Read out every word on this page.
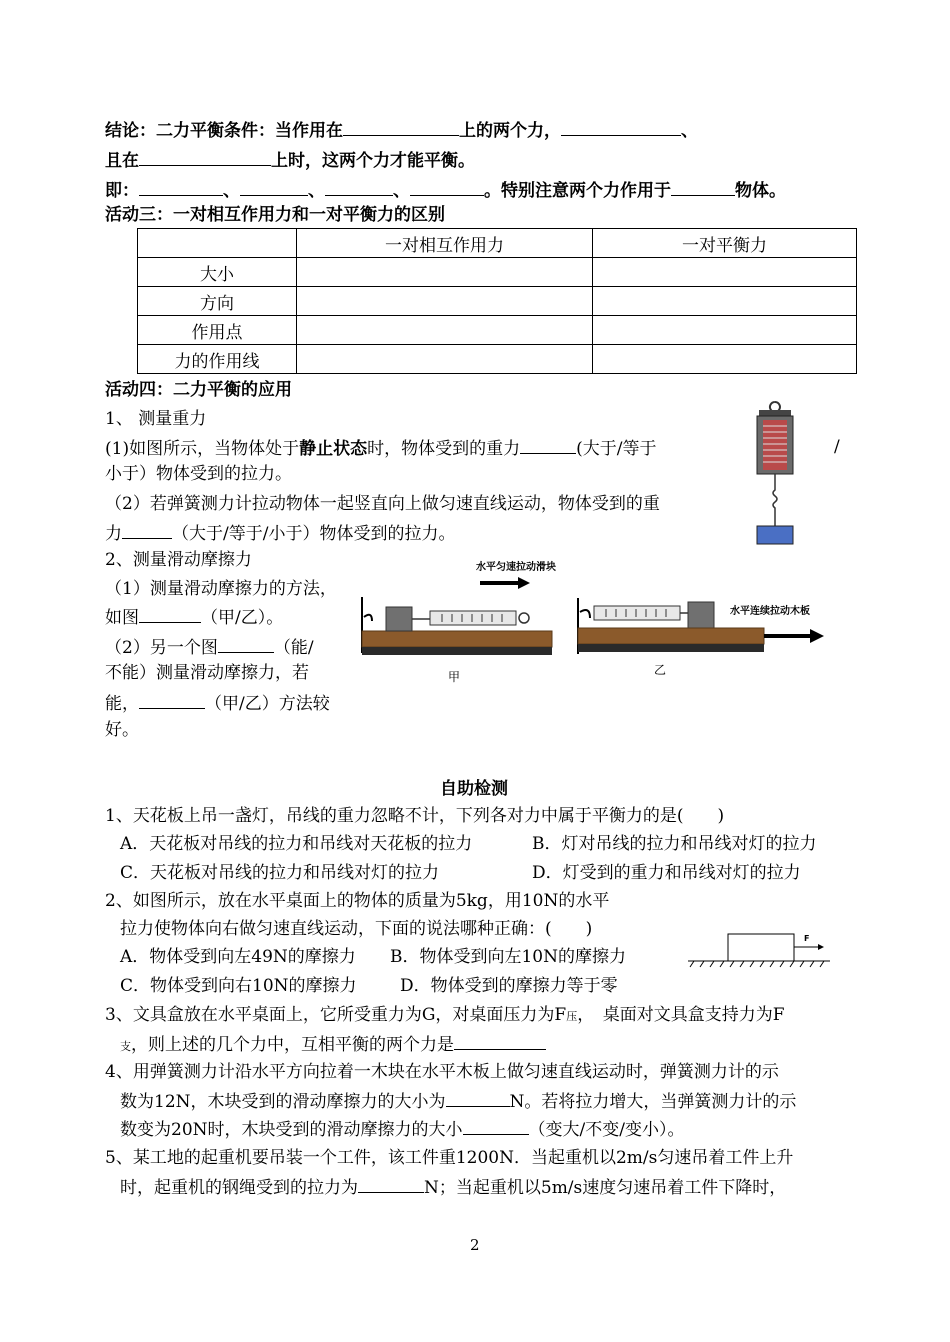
结论：二力平衡条件：当作用在	上的两个力，	、
且在	上时，这两个力才能平衡。
即：	、	、	、	。特别注意两个力作用于	物体。
活动三：一对相互作用力和一对平衡力的区别
	一对相互作用力	一对平衡力
大小		
方向		
作用点		
力的作用线		
活动四：二力平衡的应用
1、 测量重力
(1)如图所示，当物体处于静止状态时，物体受到的重力	(大于/等于	/
小于）物体受到的拉力。
（2）若弹簧测力计拉动物体一起竖直向上做匀速直线运动，物体受到的重
力	（大于/等于/小于）物体受到的拉力。
2、测量滑动摩擦力
（1）测量滑动摩擦力的方法，
如图	（甲/乙）。
（2）另一个图	（能/
不能）测量滑动摩擦力，若
能，	（甲/乙）方法较
好。
水平匀速拉动滑块
甲
水平连续拉动木板
乙
自助检测
1、天花板上吊一盏灯，吊线的重力忽略不计，下列各对力中属于平衡力的是(　　)
A．天花板对吊线的拉力和吊线对天花板的拉力	B．灯对吊线的拉力和吊线对灯的拉力
C．天花板对吊线的拉力和吊线对灯的拉力	D．灯受到的重力和吊线对灯的拉力
2、如图所示，放在水平桌面上的物体的质量为5kg，用10N的水平
拉力使物体向右做匀速直线运动，下面的说法哪种正确：(　　)
A．物体受到向左49N的摩擦力 B．物体受到向左10N的摩擦力
C．物体受到向右10N的摩擦力	D．物体受到的摩擦力等于零
F
3、文具盒放在水平桌面上，它所受重力为G，对桌面压力为F压，　桌面对文具盒支持力为F
支，则上述的几个力中，互相平衡的两个力是
4、用弹簧测力计沿水平方向拉着一木块在水平木板上做匀速直线运动时，弹簧测力计的示
数为12N，木块受到的滑动摩擦力的大小为	N。若将拉力增大，当弹簧测力计的示
数变为20N时，木块受到的滑动摩擦力的大小	（变大/不变/变小）。
5、某工地的起重机要吊装一个工件，该工件重1200N．当起重机以2m/s匀速吊着工件上升
时，起重机的钢绳受到的拉力为	N；当起重机以5m/s速度匀速吊着工件下降时，
2
